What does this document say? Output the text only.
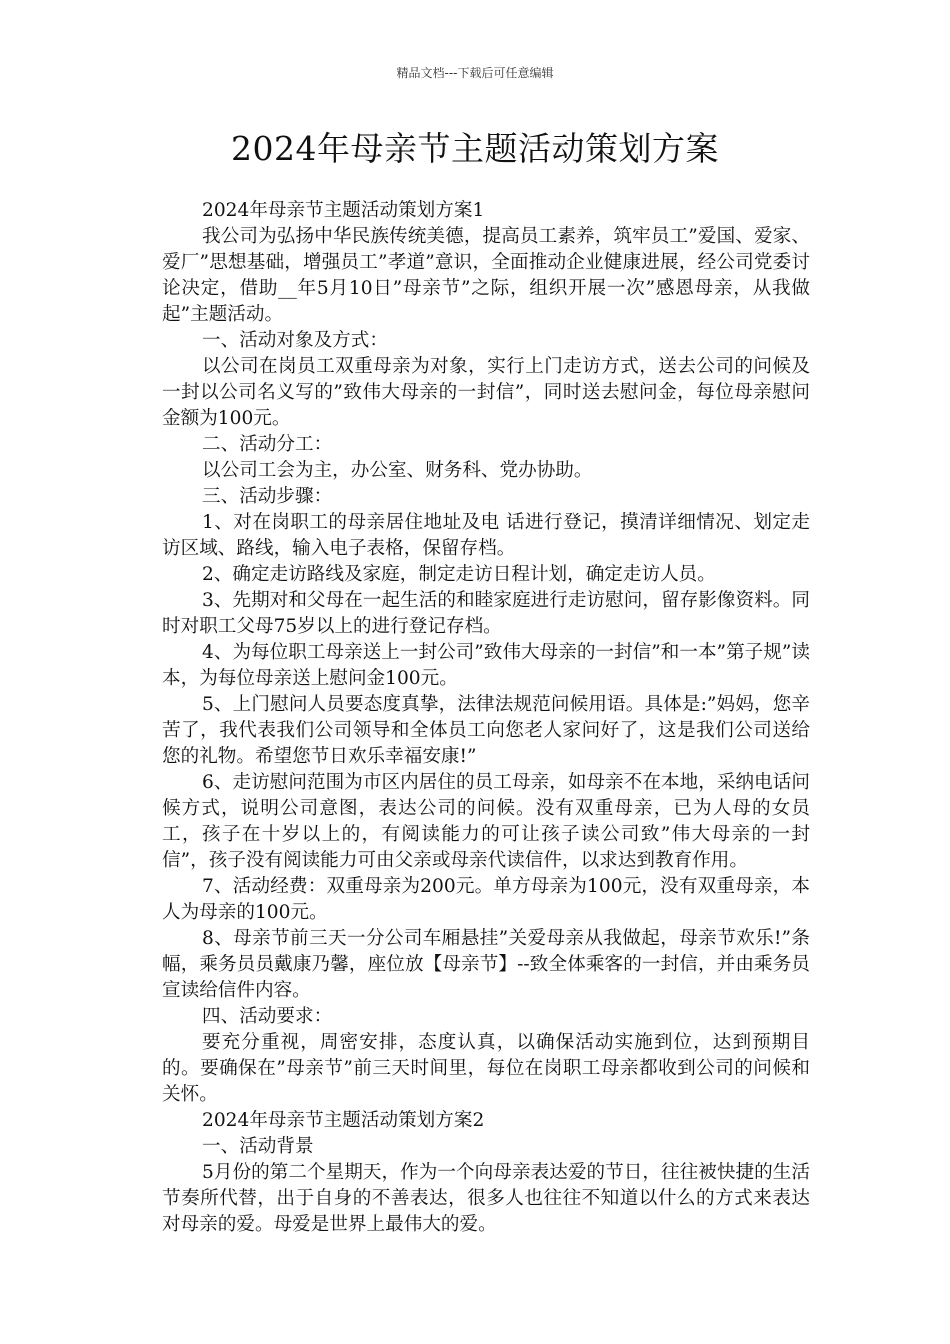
精品文档---下载后可任意编辑
2024年母亲节主题活动策划方案

2024年母亲节主题活动策划方案1

我公司为弘扬中华民族传统美德，提高员工素养，筑牢员工”爱国、爱家、爱厂”思想基础，增强员工”孝道”意识，全面推动企业健康进展，经公司党委讨论决定，借助__年5月10日”母亲节”之际，组织开展一次”感恩母亲，从我做起”主题活动。

一、活动对象及方式：

以公司在岗员工双重母亲为对象，实行上门走访方式，送去公司的问候及一封以公司名义写的”致伟大母亲的一封信”，同时送去慰问金，每位母亲慰问金额为100元。

二、活动分工：

以公司工会为主，办公室、财务科、党办协助。

三、活动步骤：

1、对在岗职工的母亲居住地址及电 话进行登记，摸清详细情况、划定走访区域、路线，输入电子表格，保留存档。

2、确定走访路线及家庭，制定走访日程计划，确定走访人员。

3、先期对和父母在一起生活的和睦家庭进行走访慰问，留存影像资料。同时对职工父母75岁以上的进行登记存档。

4、为每位职工母亲送上一封公司”致伟大母亲的一封信”和一本”第子规”读本，为每位母亲送上慰问金100元。

5、上门慰问人员要态度真挚，法律法规范问候用语。具体是:”妈妈，您辛苦了，我代表我们公司领导和全体员工向您老人家问好了，这是我们公司送给您的礼物。希望您节日欢乐幸福安康!”

6、走访慰问范围为市区内居住的员工母亲，如母亲不在本地，采纳电话问候方式，说明公司意图，表达公司的问候。没有双重母亲，已为人母的女员工，孩子在十岁以上的，有阅读能力的可让孩子读公司致”伟大母亲的一封信”，孩子没有阅读能力可由父亲或母亲代读信件，以求达到教育作用。

7、活动经费：双重母亲为200元。单方母亲为100元，没有双重母亲，本人为母亲的100元。

8、母亲节前三天一分公司车厢悬挂”关爱母亲从我做起，母亲节欢乐!”条幅，乘务员员戴康乃馨，座位放【母亲节】--致全体乘客的一封信，并由乘务员宣读给信件内容。

四、活动要求：

要充分重视，周密安排，态度认真，以确保活动实施到位，达到预期目的。要确保在”母亲节”前三天时间里，每位在岗职工母亲都收到公司的问候和关怀。

2024年母亲节主题活动策划方案2

一、活动背景

5月份的第二个星期天，作为一个向母亲表达爱的节日，往往被快捷的生活节奏所代替，出于自身的不善表达，很多人也往往不知道以什么的方式来表达对母亲的爱。母爱是世界上最伟大的爱。
